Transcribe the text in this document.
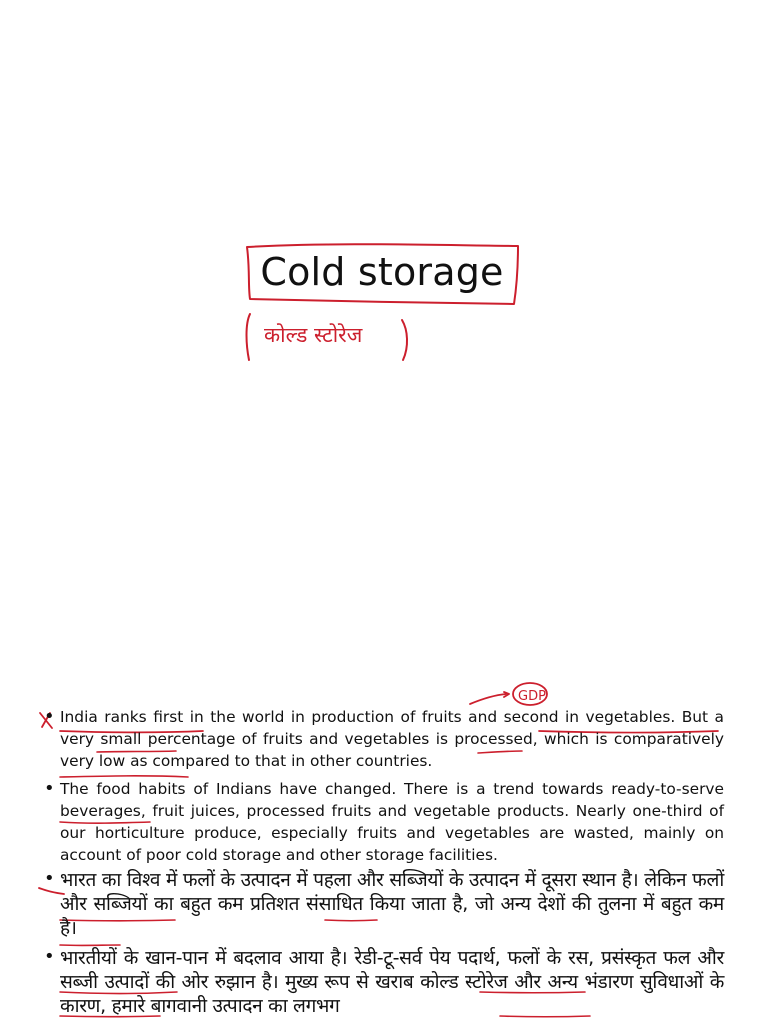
Cold storage
कोल्ड स्टोरेज
GDP

• India ranks first in the world in production of fruits and second in vegetables. But a very small percentage of fruits and vegetables is processed, which is comparatively very low as compared to that in other countries.

• The food habits of Indians have changed. There is a trend towards ready-to-serve beverages, fruit juices, processed fruits and vegetable products. Nearly one-third of our horticulture produce, especially fruits and vegetables are wasted, mainly on account of poor cold storage and other storage facilities.

• भारत का विश्व में फलों के उत्पादन में पहला और सब्जियों के उत्पादन में दूसरा स्थान है। लेकिन फलों और सब्जियों का बहुत कम प्रतिशत संसाधित किया जाता है, जो अन्य देशों की तुलना में बहुत कम है।

• भारतीयों के खान-पान में बदलाव आया है। रेडी-टू-सर्व पेय पदार्थ, फलों के रस, प्रसंस्कृत फल और सब्जी उत्पादों की ओर रुझान है। मुख्य रूप से खराब कोल्ड स्टोरेज और अन्य भंडारण सुविधाओं के कारण, हमारे बागवानी उत्पादन का लगभग
